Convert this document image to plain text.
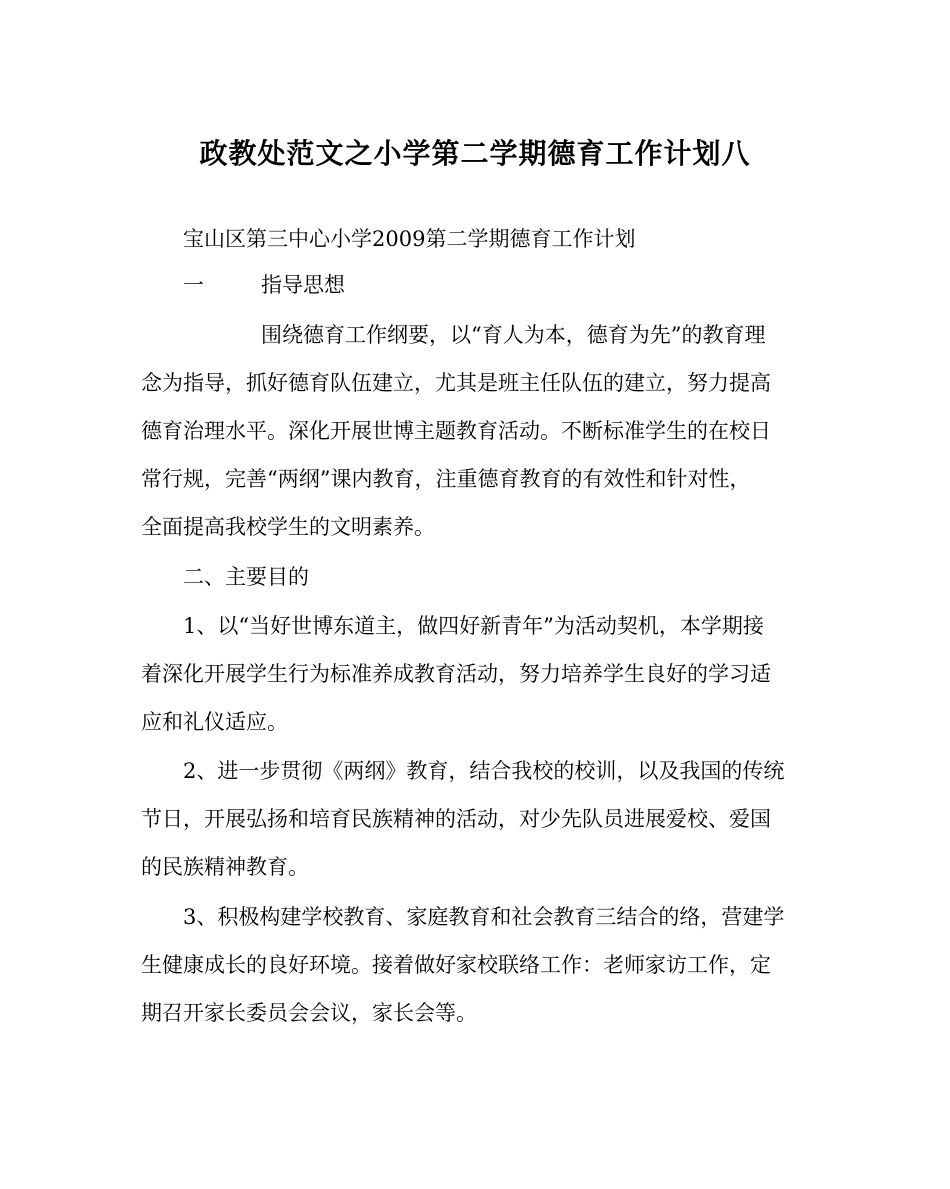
政教处范文之小学第二学期德育工作计划八
宝山区第三中心小学2009第二学期德育工作计划
一	指导思想
围绕德育工作纲要，以“育人为本，德育为先”的教育理
念为指导，抓好德育队伍建立，尤其是班主任队伍的建立，努力提高
德育治理水平。深化开展世博主题教育活动。不断标准学生的在校日
常行规，完善“两纲”课内教育，注重德育教育的有效性和针对性，
全面提高我校学生的文明素养。
二、主要目的
1、以“当好世博东道主，做四好新青年”为活动契机，本学期接
着深化开展学生行为标准养成教育活动，努力培养学生良好的学习适
应和礼仪适应。
2、进一步贯彻《两纲》教育，结合我校的校训，以及我国的传统
节日，开展弘扬和培育民族精神的活动，对少先队员进展爱校、爱国
的民族精神教育。
3、积极构建学校教育、家庭教育和社会教育三结合的络，营建学
生健康成长的良好环境。接着做好家校联络工作：老师家访工作，定
期召开家长委员会会议，家长会等。
